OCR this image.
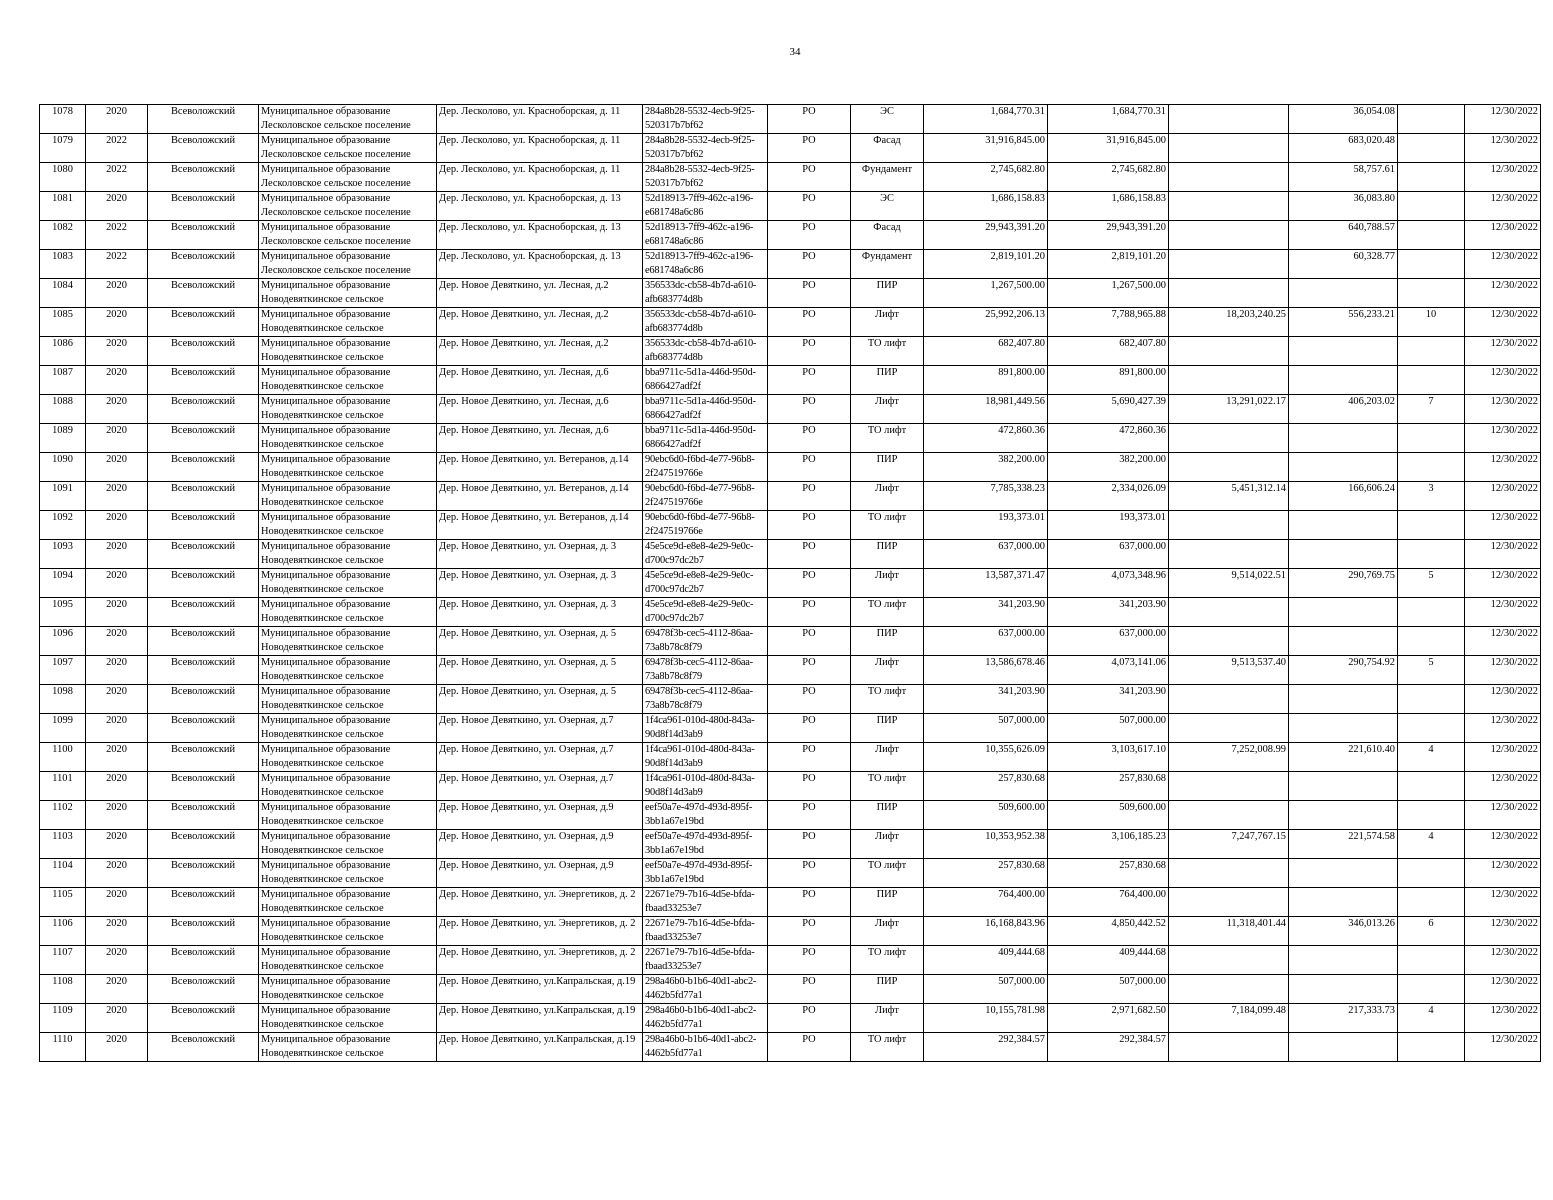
34
1078	2020	Всеволожский	Муниципальное образование Лесколовское сельское поселение	Дер. Лесколово, ул. Красноборская, д. 11	284a8b28-5532-4ecb-9f25-520317b7bf62	РО	ЭС	1,684,770.31	1,684,770.31		36,054.08		12/30/2022
1079	2022	Всеволожский	Муниципальное образование Лесколовское сельское поселение	Дер. Лесколово, ул. Красноборская, д. 11	284a8b28-5532-4ecb-9f25-520317b7bf62	РО	Фасад	31,916,845.00	31,916,845.00		683,020.48		12/30/2022
1080	2022	Всеволожский	Муниципальное образование Лесколовское сельское поселение	Дер. Лесколово, ул. Красноборская, д. 11	284a8b28-5532-4ecb-9f25-520317b7bf62	РО	Фундамент	2,745,682.80	2,745,682.80		58,757.61		12/30/2022
1081	2020	Всеволожский	Муниципальное образование Лесколовское сельское поселение	Дер. Лесколово, ул. Красноборская, д. 13	52d18913-7ff9-462c-a196-e681748a6c86	РО	ЭС	1,686,158.83	1,686,158.83		36,083.80		12/30/2022
1082	2022	Всеволожский	Муниципальное образование Лесколовское сельское поселение	Дер. Лесколово, ул. Красноборская, д. 13	52d18913-7ff9-462c-a196-e681748a6c86	РО	Фасад	29,943,391.20	29,943,391.20		640,788.57		12/30/2022
1083	2022	Всеволожский	Муниципальное образование Лесколовское сельское поселение	Дер. Лесколово, ул. Красноборская, д. 13	52d18913-7ff9-462c-a196-e681748a6c86	РО	Фундамент	2,819,101.20	2,819,101.20		60,328.77		12/30/2022
1084	2020	Всеволожский	Муниципальное образование Новодевяткинское сельское	Дер. Новое Девяткино, ул. Лесная, д.2	356533dc-cb58-4b7d-a610-afb683774d8b	РО	ПИР	1,267,500.00	1,267,500.00				12/30/2022
1085	2020	Всеволожский	Муниципальное образование Новодевяткинское сельское	Дер. Новое Девяткино, ул. Лесная, д.2	356533dc-cb58-4b7d-a610-afb683774d8b	РО	Лифт	25,992,206.13	7,788,965.88	18,203,240.25	556,233.21	10	12/30/2022
1086	2020	Всеволожский	Муниципальное образование Новодевяткинское сельское	Дер. Новое Девяткино, ул. Лесная, д.2	356533dc-cb58-4b7d-a610-afb683774d8b	РО	ТО лифт	682,407.80	682,407.80				12/30/2022
1087	2020	Всеволожский	Муниципальное образование Новодевяткинское сельское	Дер. Новое Девяткино, ул. Лесная, д.6	bba9711c-5d1a-446d-950d-6866427adf2f	РО	ПИР	891,800.00	891,800.00				12/30/2022
1088	2020	Всеволожский	Муниципальное образование Новодевяткинское сельское	Дер. Новое Девяткино, ул. Лесная, д.6	bba9711c-5d1a-446d-950d-6866427adf2f	РО	Лифт	18,981,449.56	5,690,427.39	13,291,022.17	406,203.02	7	12/30/2022
1089	2020	Всеволожский	Муниципальное образование Новодевяткинское сельское	Дер. Новое Девяткино, ул. Лесная, д.6	bba9711c-5d1a-446d-950d-6866427adf2f	РО	ТО лифт	472,860.36	472,860.36				12/30/2022
1090	2020	Всеволожский	Муниципальное образование Новодевяткинское сельское	Дер. Новое Девяткино, ул. Ветеранов, д.14	90ebc6d0-f6bd-4e77-96b8-2f247519766e	РО	ПИР	382,200.00	382,200.00				12/30/2022
1091	2020	Всеволожский	Муниципальное образование Новодевяткинское сельское	Дер. Новое Девяткино, ул. Ветеранов, д.14	90ebc6d0-f6bd-4e77-96b8-2f247519766e	РО	Лифт	7,785,338.23	2,334,026.09	5,451,312.14	166,606.24	3	12/30/2022
1092	2020	Всеволожский	Муниципальное образование Новодевяткинское сельское	Дер. Новое Девяткино, ул. Ветеранов, д.14	90ebc6d0-f6bd-4e77-96b8-2f247519766e	РО	ТО лифт	193,373.01	193,373.01				12/30/2022
1093	2020	Всеволожский	Муниципальное образование Новодевяткинское сельское	Дер. Новое Девяткино, ул. Озерная, д. 3	45e5ce9d-e8e8-4e29-9e0c-d700c97dc2b7	РО	ПИР	637,000.00	637,000.00				12/30/2022
1094	2020	Всеволожский	Муниципальное образование Новодевяткинское сельское	Дер. Новое Девяткино, ул. Озерная, д. 3	45e5ce9d-e8e8-4e29-9e0c-d700c97dc2b7	РО	Лифт	13,587,371.47	4,073,348.96	9,514,022.51	290,769.75	5	12/30/2022
1095	2020	Всеволожский	Муниципальное образование Новодевяткинское сельское	Дер. Новое Девяткино, ул. Озерная, д. 3	45e5ce9d-e8e8-4e29-9e0c-d700c97dc2b7	РО	ТО лифт	341,203.90	341,203.90				12/30/2022
1096	2020	Всеволожский	Муниципальное образование Новодевяткинское сельское	Дер. Новое Девяткино, ул. Озерная, д. 5	69478f3b-cec5-4112-86aa-73a8b78c8f79	РО	ПИР	637,000.00	637,000.00				12/30/2022
1097	2020	Всеволожский	Муниципальное образование Новодевяткинское сельское	Дер. Новое Девяткино, ул. Озерная, д. 5	69478f3b-cec5-4112-86aa-73a8b78c8f79	РО	Лифт	13,586,678.46	4,073,141.06	9,513,537.40	290,754.92	5	12/30/2022
1098	2020	Всеволожский	Муниципальное образование Новодевяткинское сельское	Дер. Новое Девяткино, ул. Озерная, д. 5	69478f3b-cec5-4112-86aa-73a8b78c8f79	РО	ТО лифт	341,203.90	341,203.90				12/30/2022
1099	2020	Всеволожский	Муниципальное образование Новодевяткинское сельское	Дер. Новое Девяткино, ул. Озерная, д.7	1f4ca961-010d-480d-843a-90d8f14d3ab9	РО	ПИР	507,000.00	507,000.00				12/30/2022
1100	2020	Всеволожский	Муниципальное образование Новодевяткинское сельское	Дер. Новое Девяткино, ул. Озерная, д.7	1f4ca961-010d-480d-843a-90d8f14d3ab9	РО	Лифт	10,355,626.09	3,103,617.10	7,252,008.99	221,610.40	4	12/30/2022
1101	2020	Всеволожский	Муниципальное образование Новодевяткинское сельское	Дер. Новое Девяткино, ул. Озерная, д.7	1f4ca961-010d-480d-843a-90d8f14d3ab9	РО	ТО лифт	257,830.68	257,830.68				12/30/2022
1102	2020	Всеволожский	Муниципальное образование Новодевяткинское сельское	Дер. Новое Девяткино, ул. Озерная, д.9	eef50a7e-497d-493d-895f-3bb1a67e19bd	РО	ПИР	509,600.00	509,600.00				12/30/2022
1103	2020	Всеволожский	Муниципальное образование Новодевяткинское сельское	Дер. Новое Девяткино, ул. Озерная, д.9	eef50a7e-497d-493d-895f-3bb1a67e19bd	РО	Лифт	10,353,952.38	3,106,185.23	7,247,767.15	221,574.58	4	12/30/2022
1104	2020	Всеволожский	Муниципальное образование Новодевяткинское сельское	Дер. Новое Девяткино, ул. Озерная, д.9	eef50a7e-497d-493d-895f-3bb1a67e19bd	РО	ТО лифт	257,830.68	257,830.68				12/30/2022
1105	2020	Всеволожский	Муниципальное образование Новодевяткинское сельское	Дер. Новое Девяткино, ул. Энергетиков, д. 2	22671e79-7b16-4d5e-bfda-fbaad33253e7	РО	ПИР	764,400.00	764,400.00				12/30/2022
1106	2020	Всеволожский	Муниципальное образование Новодевяткинское сельское	Дер. Новое Девяткино, ул. Энергетиков, д. 2	22671e79-7b16-4d5e-bfda-fbaad33253e7	РО	Лифт	16,168,843.96	4,850,442.52	11,318,401.44	346,013.26	6	12/30/2022
1107	2020	Всеволожский	Муниципальное образование Новодевяткинское сельское	Дер. Новое Девяткино, ул. Энергетиков, д. 2	22671e79-7b16-4d5e-bfda-fbaad33253e7	РО	ТО лифт	409,444.68	409,444.68				12/30/2022
1108	2020	Всеволожский	Муниципальное образование Новодевяткинское сельское	Дер. Новое Девяткино, ул.Капральская, д.19	298a46b0-b1b6-40d1-abc2-4462b5fd77a1	РО	ПИР	507,000.00	507,000.00				12/30/2022
1109	2020	Всеволожский	Муниципальное образование Новодевяткинское сельское	Дер. Новое Девяткино, ул.Капральская, д.19	298a46b0-b1b6-40d1-abc2-4462b5fd77a1	РО	Лифт	10,155,781.98	2,971,682.50	7,184,099.48	217,333.73	4	12/30/2022
1110	2020	Всеволожский	Муниципальное образование Новодевяткинское сельское	Дер. Новое Девяткино, ул.Капральская, д.19	298a46b0-b1b6-40d1-abc2-4462b5fd77a1	РО	ТО лифт	292,384.57	292,384.57				12/30/2022
